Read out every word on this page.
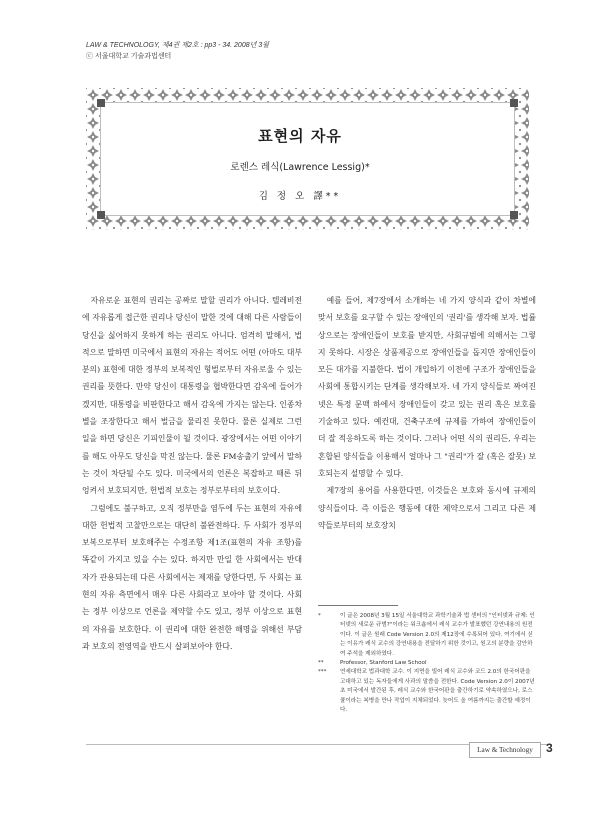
LAW & TECHNOLOGY, 제4권 제2호 : pp3 - 34. 2008년 3월
ⓒ 서울대학교 기술과법센터
표현의 자유
로렌스 레식(Lawrence Lessig)*
김 정 오 譯**

자유로운 표현의 권리는 공짜로 말할 권리가 아니다. 텔레비전에 자유롭게 접근한 권리나 당신이 말한 것에 대해 다른 사람들이 당신을 싫어하지 못하게 하는 권리도 아니다. 엄격히 말해서, 법적으로 말하면 미국에서 표현의 자유는 적어도 어떤 (아마도 대부분의) 표현에 대한 정부의 보복적인 형벌로부터 자유로울 수 있는 권리를 뜻한다. 만약 당신이 대통령을 협박한다면 감옥에 들어가겠지만, 대통령을 비판한다고 해서 감옥에 가지는 않는다. 인종차별을 조장한다고 해서 벌금을 물리진 못한다. 물론 실제로 그런 일을 하면 당신은 기피인물이 될 것이다. 광장에서는 어떤 이야기를 해도 아무도 당신을 막진 않는다. 물론 FM송출기 앞에서 말하는 것이 차단될 수도 있다. 미국에서의 언론은 복잡하고 때론 뒤엉켜서 보호되지만, 헌법적 보호는 정부로부터의 보호이다.

그럼에도 불구하고, 오직 정부만을 염두에 두는 표현의 자유에 대한 헌법적 고찰만으로는 대단히 불완전하다. 두 사회가 정부의 보복으로부터 보호해주는 수정조항 제1조(표현의 자유 조항)를 똑같이 가지고 있을 수는 있다. 하지만 만일 한 사회에서는 반대자가 관용되는데 다른 사회에서는 제재를 당한다면, 두 사회는 표현의 자유 측면에서 매우 다른 사회라고 보아야 할 것이다. 사회는 정부 이상으로 언론을 제약할 수도 있고, 정부 이상으로 표현의 자유를 보호한다. 이 권리에 대한 완전한 해명을 위해선 부담과 보호의 전영역을 반드시 살펴보아야 한다.

예를 들어, 제7장에서 소개하는 네 가지 양식과 같이 차별에 맞서 보호를 요구할 수 있는 장애인의 '권리'를 생각해 보자. 법률상으로는 장애인들이 보호를 받지만, 사회규범에 의해서는 그렇지 못하다. 시장은 상품제공으로 장애인들을 돕지만 장애인들이 모든 대가를 지불한다. 법이 개입하기 이전에 구조가 장애인들을 사회에 통합시키는 단계를 생각해보자. 네 가지 양식들로 짜여진 넷은 특정 문맥 하에서 장애인들이 갖고 있는 권리 혹은 보호를 기술하고 있다. 예컨대, 건축구조에 규제를 가하여 장애인들이 더 잘 적응하도록 하는 것이다. 그러나 어떤 식의 권리든, 우리는 혼합된 양식들을 이용해서 얼마나 그 "권리"가 잘 (혹은 잘못) 보호되는지 설명할 수 있다.

제7장의 용어를 사용한다면, 이것들은 보호와 동시에 규제의 양식들이다. 즉 이들은 행동에 대한 제약으로서 그리고 다른 제약들로부터의 보호장치

*	이 글은 2008년 3월 15일 서울대학교 과학기술과 법 센터의 "인터넷과 규제: 인터넷의 새로운 규범?"이라는 워크숍에서 레식 교수가 발표했던 강연내용의 원전이다. 이 글은 원래 Code Version 2.0의 제12장에 수록되어 있다. 여기에서 싣는 이유가 레식 교수의 강연내용을 전달하기 위한 것이고, 원고의 분량을 감안하여 주석을 제외하였다.
**	Professor, Stanford Law School
***	연세대학교 법과대학 교수. 이 지면을 빌어 레식 교수와 코드 2.0의 한국어판을 고대하고 있는 독자들에게 사과의 말씀을 전한다. Code Version 2.0이 2007년 초 미국에서 발간된 후, 레식 교수와 한국어판을 출간하기로 약속하였으나, 로스쿨이라는 복병을 만나 작업이 지체되었다. 늦어도 올 여름까지는 출간할 예정이다.
Law & Technology	3
